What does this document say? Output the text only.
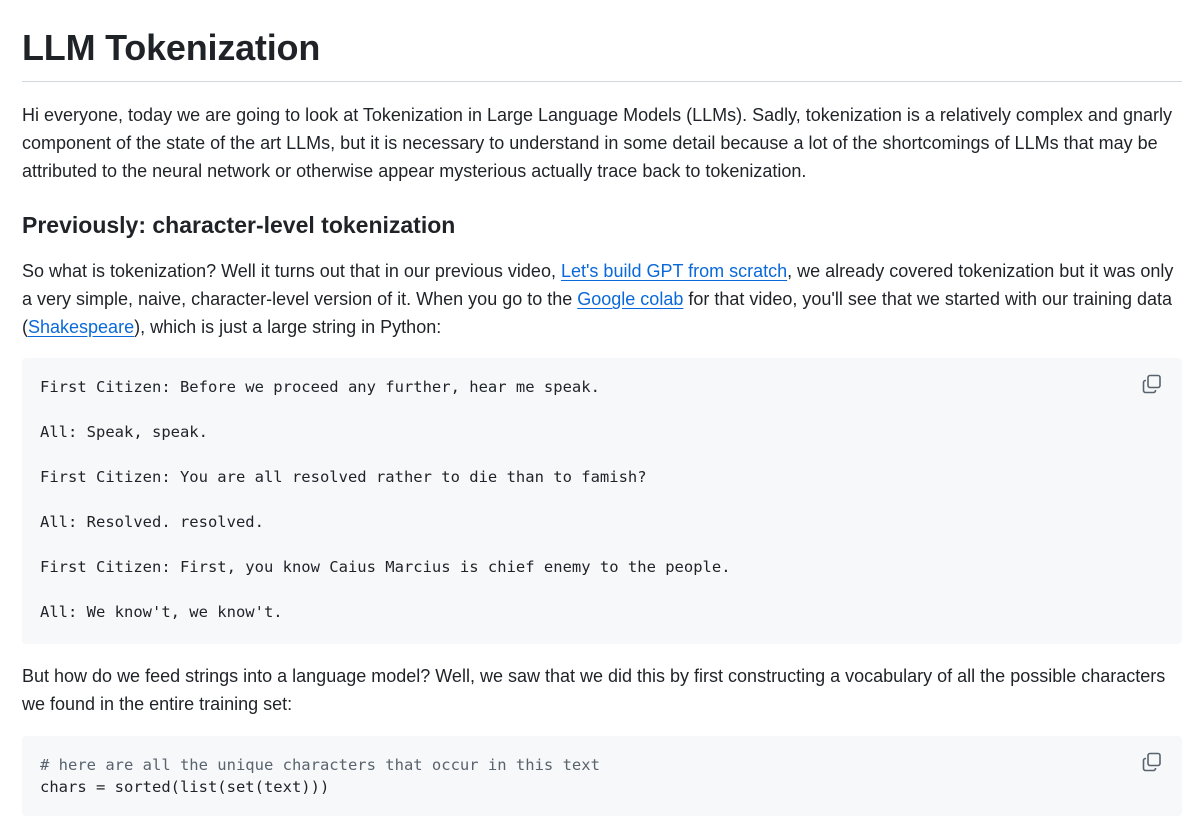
LLM Tokenization

Hi everyone, today we are going to look at Tokenization in Large Language Models (LLMs). Sadly, tokenization is a relatively complex and gnarly component of the state of the art LLMs, but it is necessary to understand in some detail because a lot of the shortcomings of LLMs that may be attributed to the neural network or otherwise appear mysterious actually trace back to tokenization.

Previously: character-level tokenization

So what is tokenization? Well it turns out that in our previous video, Let's build GPT from scratch, we already covered tokenization but it was only a very simple, naive, character-level version of it. When you go to the Google colab for that video, you'll see that we started with our training data (Shakespeare), which is just a large string in Python:

First Citizen: Before we proceed any further, hear me speak.
All: Speak, speak.
First Citizen: You are all resolved rather to die than to famish?
All: Resolved. resolved.
First Citizen: First, you know Caius Marcius is chief enemy to the people.
All: We know't, we know't.

But how do we feed strings into a language model? Well, we saw that we did this by first constructing a vocabulary of all the possible characters we found in the entire training set:

# here are all the unique characters that occur in this text
chars = sorted(list(set(text)))
